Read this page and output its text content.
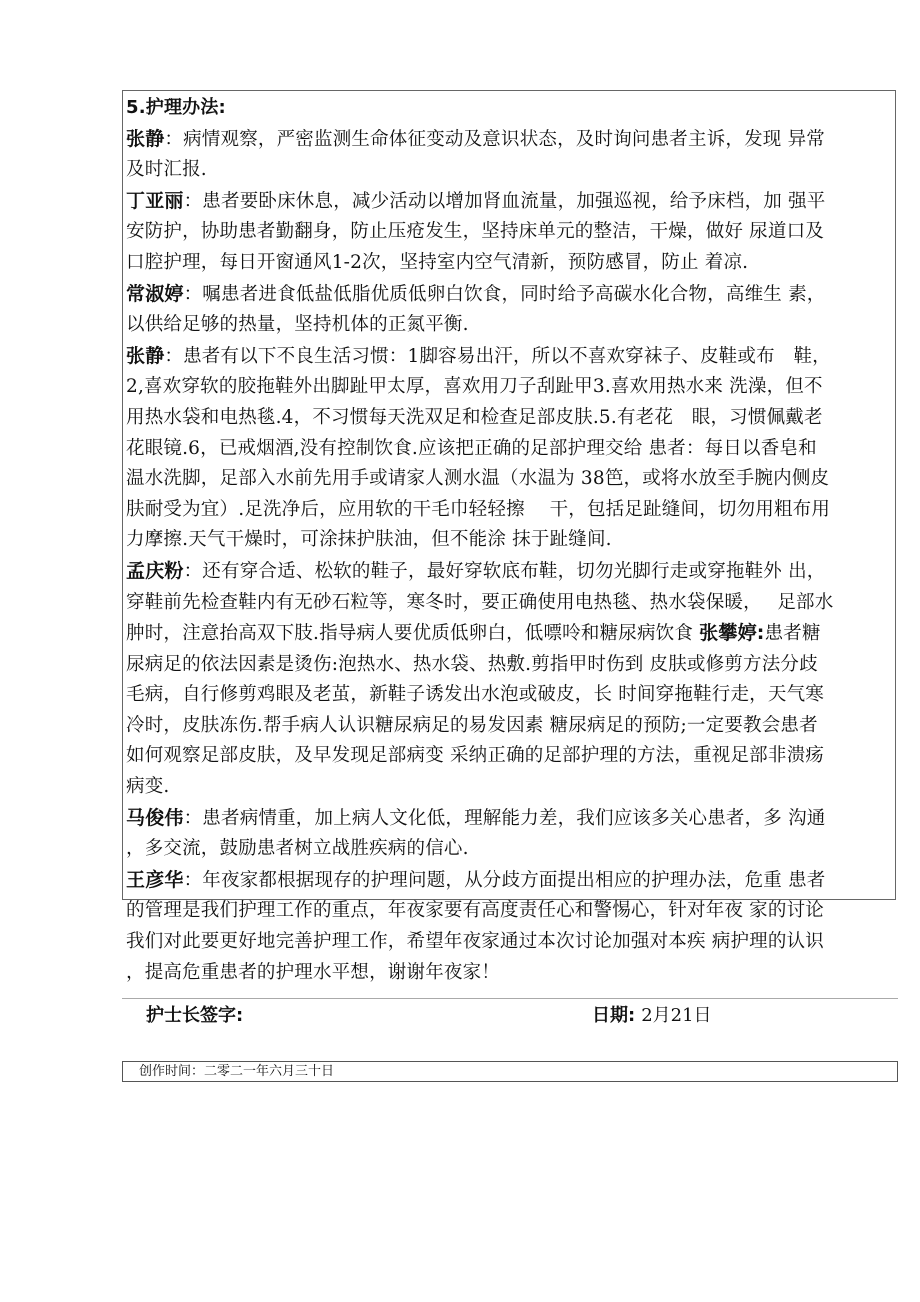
5.护理办法:
张静：病情观察，严密监测生命体征变动及意识状态，及时询问患者主诉，发现 异常
及时汇报.
丁亚丽：患者要卧床休息，减少活动以增加肾血流量，加强巡视，给予床档，加 强平
安防护，协助患者勤翻身，防止压疮发生，坚持床单元的整洁，干燥，做好 尿道口及
口腔护理，每日开窗通风1-2次，坚持室内空气清新，预防感冒，防止 着凉.
常淑婷：嘱患者进食低盐低脂优质低卵白饮食，同时给予高碳水化合物，高维生 素，
以供给足够的热量，坚持机体的正氮平衡.
张静：患者有以下不良生活习惯：1脚容易出汗，所以不喜欢穿袜子、皮鞋或布　鞋，
2,喜欢穿软的胶拖鞋外出脚趾甲太厚，喜欢用刀子刮趾甲3.喜欢用热水来 洗澡，但不
用热水袋和电热毯.4，不习惯每天洗双足和检查足部皮肤.5.有老花　眼，习惯佩戴老
花眼镜.6，已戒烟酒,没有控制饮食.应该把正确的足部护理交给 患者：每日以香皂和
温水洗脚，足部入水前先用手或请家人测水温（水温为 38笆，或将水放至手腕内侧皮
肤耐受为宜）.足洗净后，应用软的干毛巾轻轻擦　 干，包括足趾缝间，切勿用粗布用
力摩擦.天气干燥时，可涂抹护肤油，但不能涂 抹于趾缝间.
孟庆粉：还有穿合适、松软的鞋子，最好穿软底布鞋，切勿光脚行走或穿拖鞋外 出，
穿鞋前先检查鞋内有无砂石粒等，寒冬时，要正确使用电热毯、热水袋保暖，　 足部水
肿时，注意抬高双下肢.指导病人要优质低卵白，低嘌呤和糖尿病饮食 张攀婷:患者糖
尿病足的依法因素是烫伤:泡热水、热水袋、热敷.剪指甲时伤到 皮肤或修剪方法分歧
毛病，自行修剪鸡眼及老茧，新鞋子诱发出水泡或破皮，长 时间穿拖鞋行走，天气寒
冷时，皮肤冻伤.帮手病人认识糖尿病足的易发因素 糖尿病足的预防;一定要教会患者
如何观察足部皮肤，及早发现足部病变 采纳正确的足部护理的方法，重视足部非溃疡
病变.
马俊伟：患者病情重，加上病人文化低，理解能力差，我们应该多关心患者，多 沟通
，多交流，鼓励患者树立战胜疾病的信心.
王彦华：年夜家都根据现存的护理问题，从分歧方面提出相应的护理办法，危重 患者
的管理是我们护理工作的重点，年夜家要有高度责任心和警惕心，针对年夜 家的讨论
我们对此要更好地完善护理工作，希望年夜家通过本次讨论加强对本疾 病护理的认识
，提高危重患者的护理水平想，谢谢年夜家！
护士长签字:	日期: 2月21日
创作时间：二零二一年六月三十日
